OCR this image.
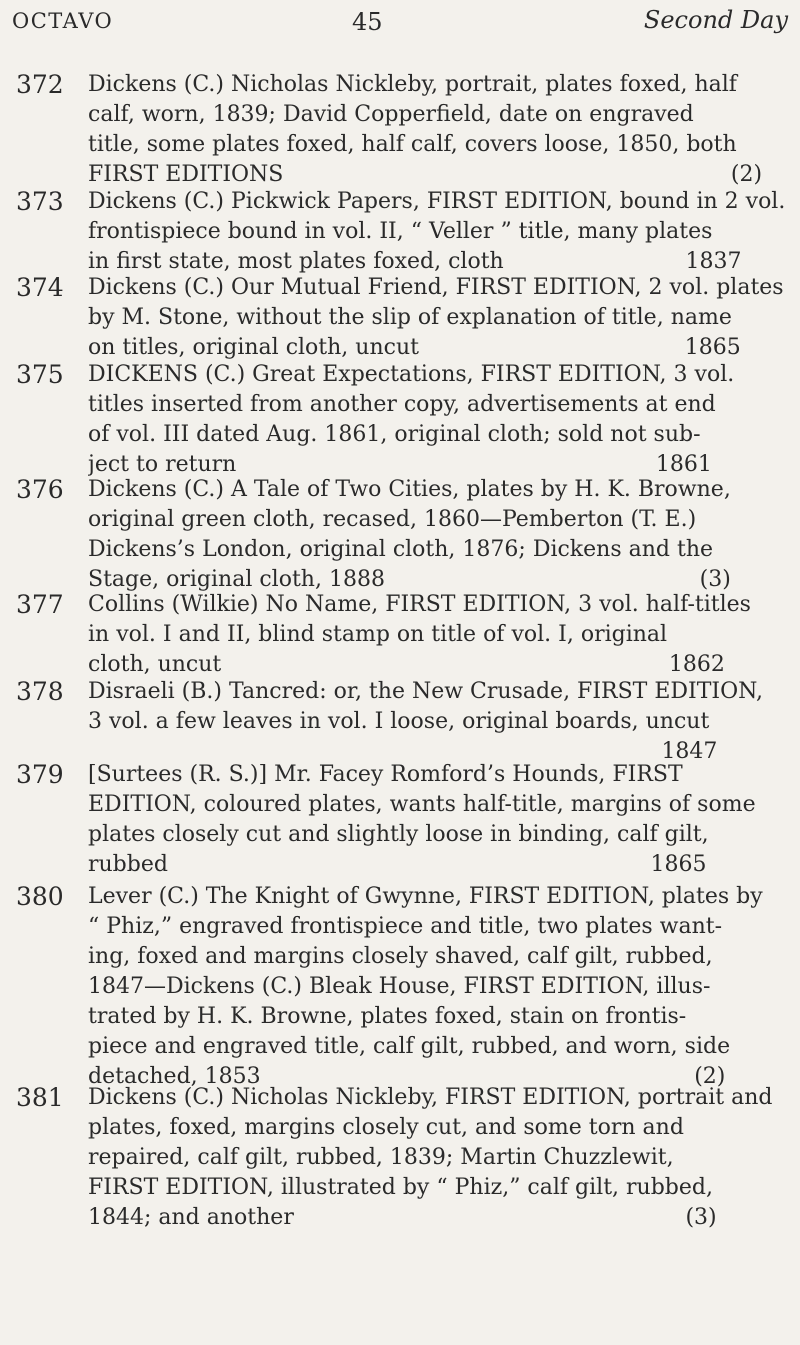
OCTAVO	45	Second Day
372 Dickens (C.) Nicholas Nickleby, portrait, plates foxed, half
calf, worn, 1839; David Copperfield, date on engraved
title, some plates foxed, half calf, covers loose, 1850, both
FIRST EDITIONS                                                                (2)
373 Dickens (C.) Pickwick Papers, FIRST EDITION, bound in 2 vol.
frontispiece bound in vol. II, “ Veller ” title, many plates
in first state, most plates foxed, cloth                          1837
374 Dickens (C.) Our Mutual Friend, FIRST EDITION, 2 vol. plates
by M. Stone, without the slip of explanation of title, name
on titles, original cloth, uncut                                      1865
375 DICKENS (C.) Great Expectations, FIRST EDITION, 3 vol.
titles inserted from another copy, advertisements at end
of vol. III dated Aug. 1861, original cloth; sold not sub-
ject to return                                                            1861
376 Dickens (C.) A Tale of Two Cities, plates by H. K. Browne,
original green cloth, recased, 1860—Pemberton (T. E.)
Dickens’s London, original cloth, 1876; Dickens and the
Stage, original cloth, 1888                                             (3)
377 Collins (Wilkie) No Name, FIRST EDITION, 3 vol. half-titles
in vol. I and II, blind stamp on title of vol. I, original
cloth, uncut                                                                1862
378 Disraeli (B.) Tancred: or, the New Crusade, FIRST EDITION,
3 vol. a few leaves in vol. I loose, original boards, uncut
1847
379 [Surtees (R. S.)] Mr. Facey Romford’s Hounds, FIRST
EDITION, coloured plates, wants half-title, margins of some
plates closely cut and slightly loose in binding, calf gilt,
rubbed                                                                     1865
380 Lever (C.) The Knight of Gwynne, FIRST EDITION, plates by
“ Phiz,” engraved frontispiece and title, two plates want-
ing, foxed and margins closely shaved, calf gilt, rubbed,
1847—Dickens (C.) Bleak House, FIRST EDITION, illus-
trated by H. K. Browne, plates foxed, stain on frontis-
piece and engraved title, calf gilt, rubbed, and worn, side
detached, 1853                                                              (2)
381 Dickens (C.) Nicholas Nickleby, FIRST EDITION, portrait and
plates, foxed, margins closely cut, and some torn and
repaired, calf gilt, rubbed, 1839; Martin Chuzzlewit,
FIRST EDITION, illustrated by “ Phiz,” calf gilt, rubbed,
1844; and another                                                        (3)
